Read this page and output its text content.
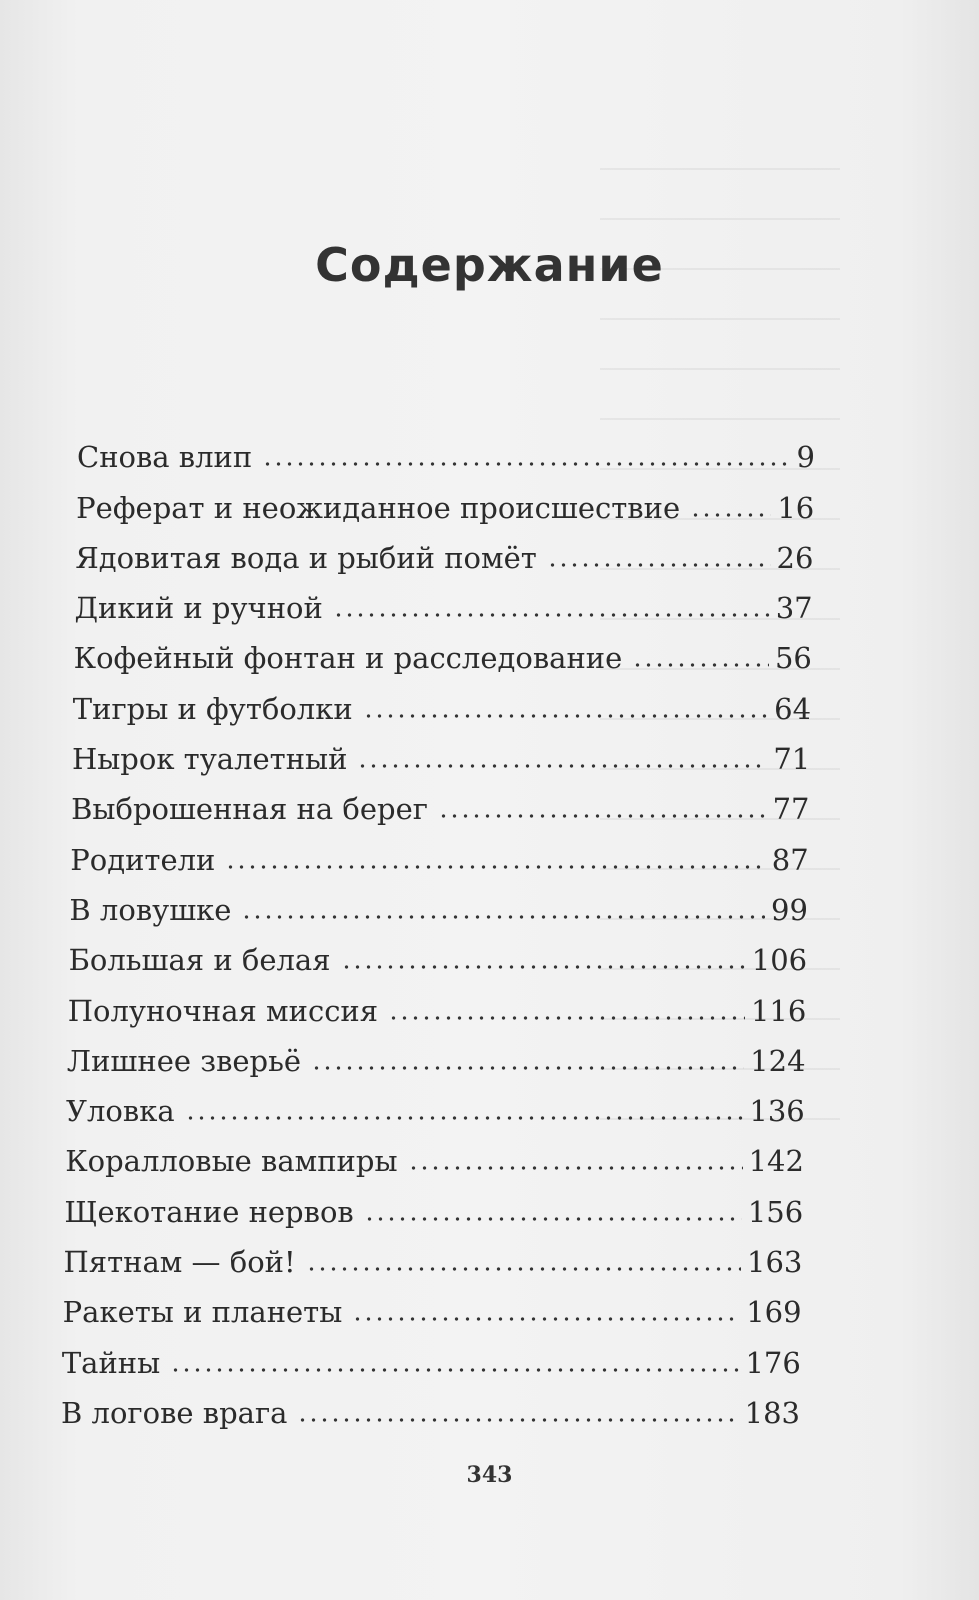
Содержание
Снова влип	9
Реферат и неожиданное происшествие	16
Ядовитая вода и рыбий помёт	26
Дикий и ручной	37
Кофейный фонтан и расследование	56
Тигры и футболки	64
Нырок туалетный	71
Выброшенная на берег	77
Родители	87
В ловушке	99
Большая и белая	106
Полуночная миссия	116
Лишнее зверьё	124
Уловка	136
Коралловые вампиры	142
Щекотание нервов	156
Пятнам — бой!	163
Ракеты и планеты	169
Тайны	176
В логове врага	183
343
